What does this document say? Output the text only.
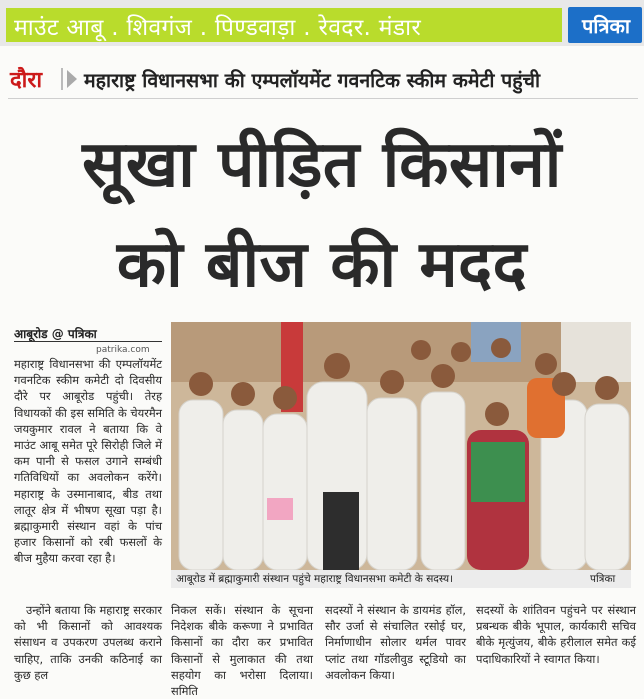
माउंट आबू . शिवगंज . पिण्डवाड़ा . रेवदर. मंडार	पत्रिका
दौरा महाराष्ट्र विधानसभा की एम्पलॉयमेंट गवनटिक स्कीम कमेटी पहुंची
सूखा पीड़ित किसानों
को बीज की मदद
आबूरोड @ पत्रिका
patrika.com
महाराष्ट्र विधानसभा की एम्पलॉयमेंट गवनटिक स्कीम कमेटी दो दिवसीय दौरे पर आबूरोड पहुंची। तेरह विधायकों की इस समिति के चेयरमैन जयकुमार रावल ने बताया कि वे माउंट आबू समेत पूरे सिरोही जिले में कम पानी से फसल उगाने सम्बंधी गतिविधियों का अवलोकन करेंगे। महाराष्ट्र के उस्मानाबाद, बीड तथा लातूर क्षेत्र में भीषण सूखा पड़ा है। ब्रह्माकुमारी संस्थान वहां के पांच हजार किसानों को रबी फसलों के बीज मुहैया करवा रहा है।
उन्होंने बताया कि महाराष्ट्र सरकार को भी किसानों को आवश्यक संसाधन व उपकरण उपलब्ध कराने चाहिए, ताकि उनकी कठिनाई का कुछ हल
आबूरोड में ब्रह्माकुमारी संस्थान पहुंचे महाराष्ट्र विधानसभा कमेटी के सदस्य।	पत्रिका
निकल सकें। संस्थान के सूचना निदेशक बीके करूणा ने प्रभावित किसानों का दौरा कर प्रभावित किसानों से मुलाकात की तथा सहयोग का भरोसा दिलाया। समिति
सदस्यों ने संस्थान के डायमंड हॉल, सौर उर्जा से संचालित रसोई घर, निर्माणाधीन सोलार थर्मल पावर प्लांट तथा गॉडलीवुड स्टूडियो का अवलोकन किया।
सदस्यों के शांतिवन पहुंचने पर संस्थान प्रबन्धक बीके भूपाल, कार्यकारी सचिव बीके मृत्युंजय, बीके हरीलाल समेत कई पदाधिकारियों ने स्वागत किया।
